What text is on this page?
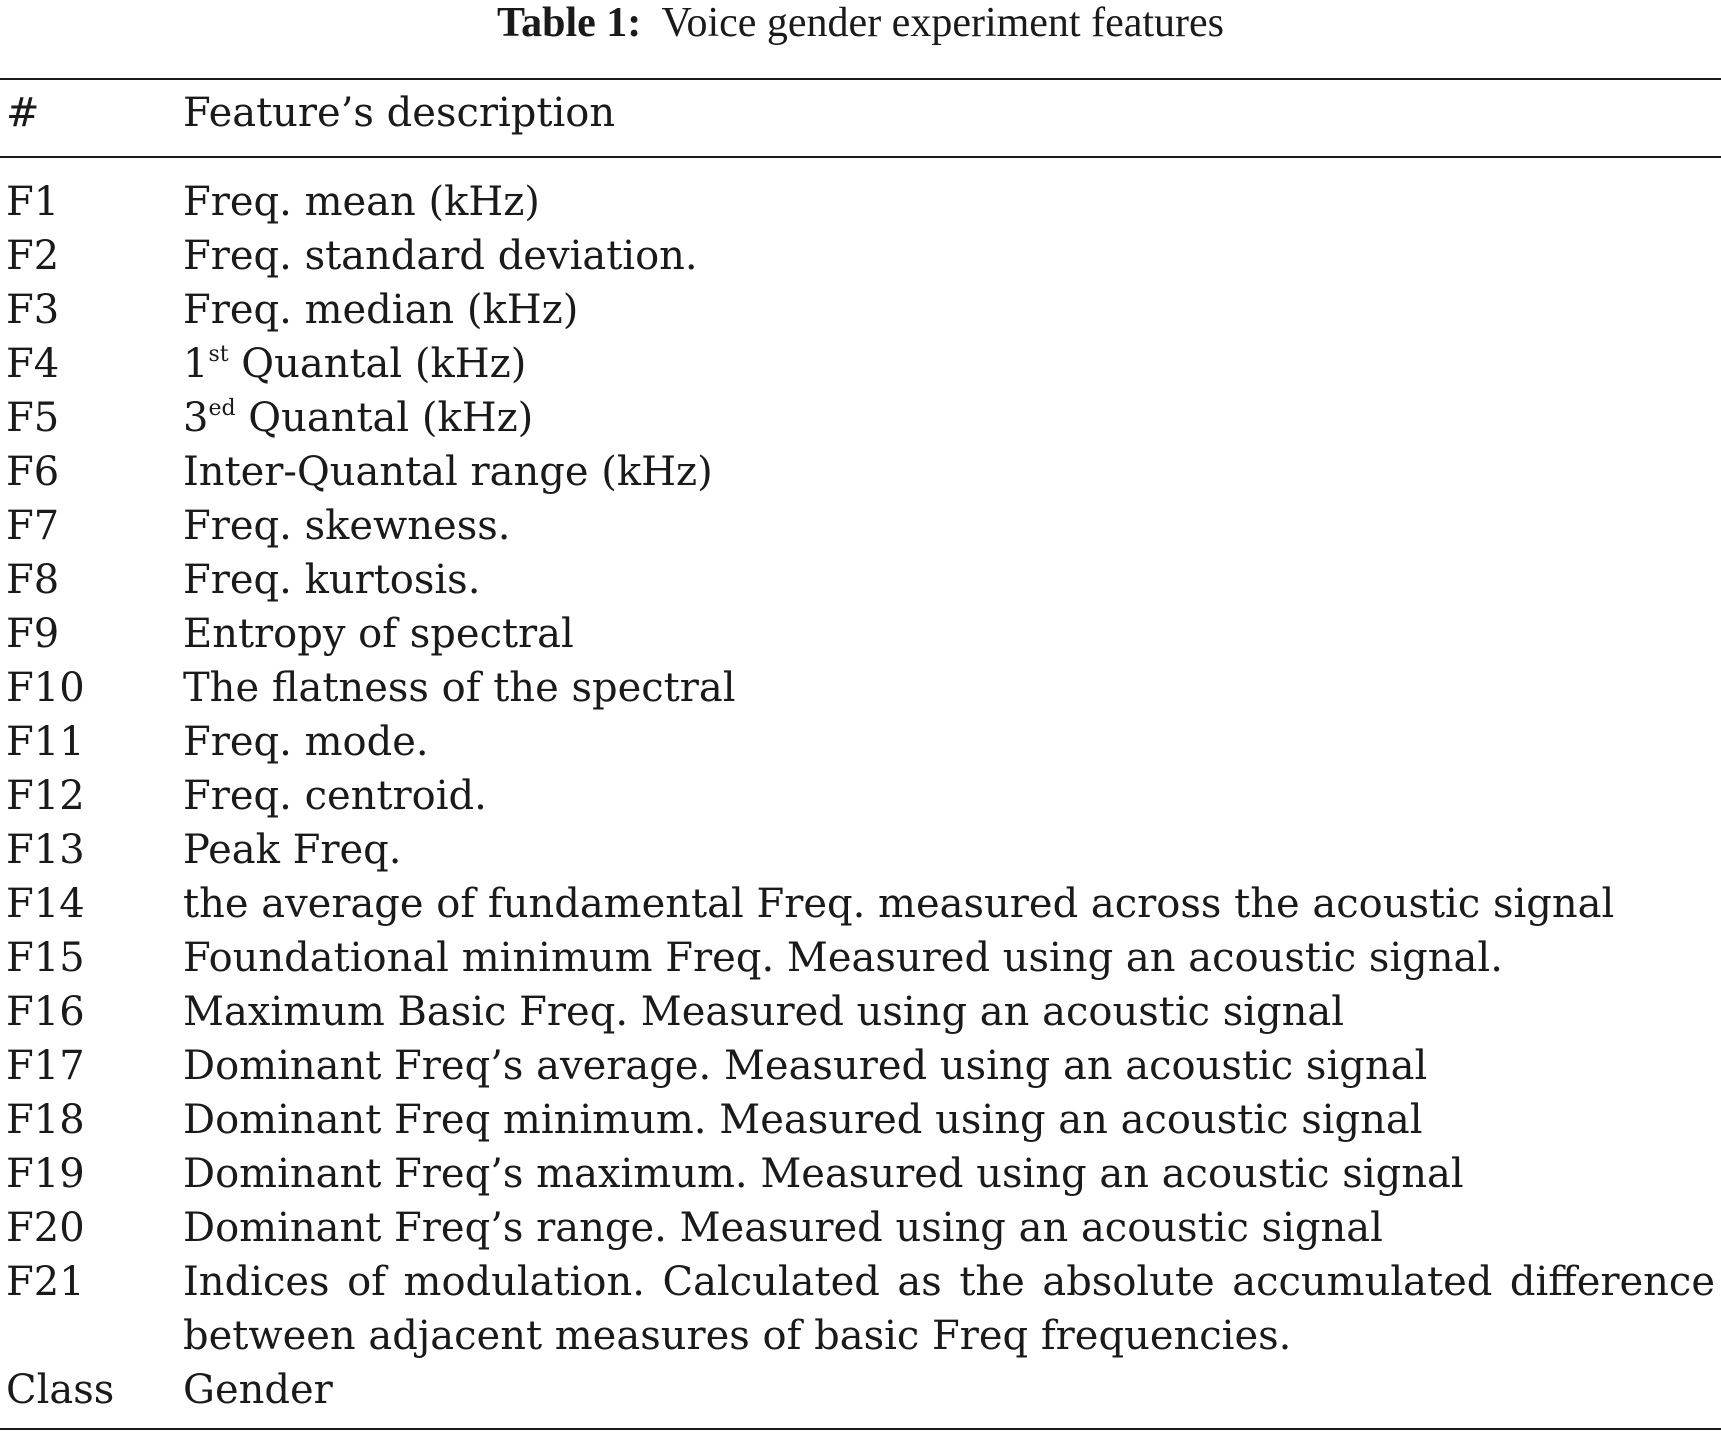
Table 1: Voice gender experiment features
#	Feature’s description
F1	Freq. mean (kHz)
F2	Freq. standard deviation.
F3	Freq. median (kHz)
F4	1st Quantal (kHz)
F5	$3^{ed}$ Quantal (kHz)
F6	Inter-Quantal range (kHz)
F7	Freq. skewness.
F8	Freq. kurtosis.
F9	Entropy of spectral
F10	The flatness of the spectral
F11	Freq. mode.
F12	Freq. centroid.
F13	Peak Freq.
F14	the average of fundamental Freq. measured across the acoustic signal
F15	Foundational minimum Freq. Measured using an acoustic signal.
F16	Maximum Basic Freq. Measured using an acoustic signal
F17	Dominant Freq’s average. Measured using an acoustic signal
F18	Dominant Freq minimum. Measured using an acoustic signal
F19	Dominant Freq’s maximum. Measured using an acoustic signal
F20	Dominant Freq’s range. Measured using an acoustic signal
F21	Indices of modulation. Calculated as the absolute accumulated difference between adjacent measures of basic Freq frequencies.
Class	Gender
